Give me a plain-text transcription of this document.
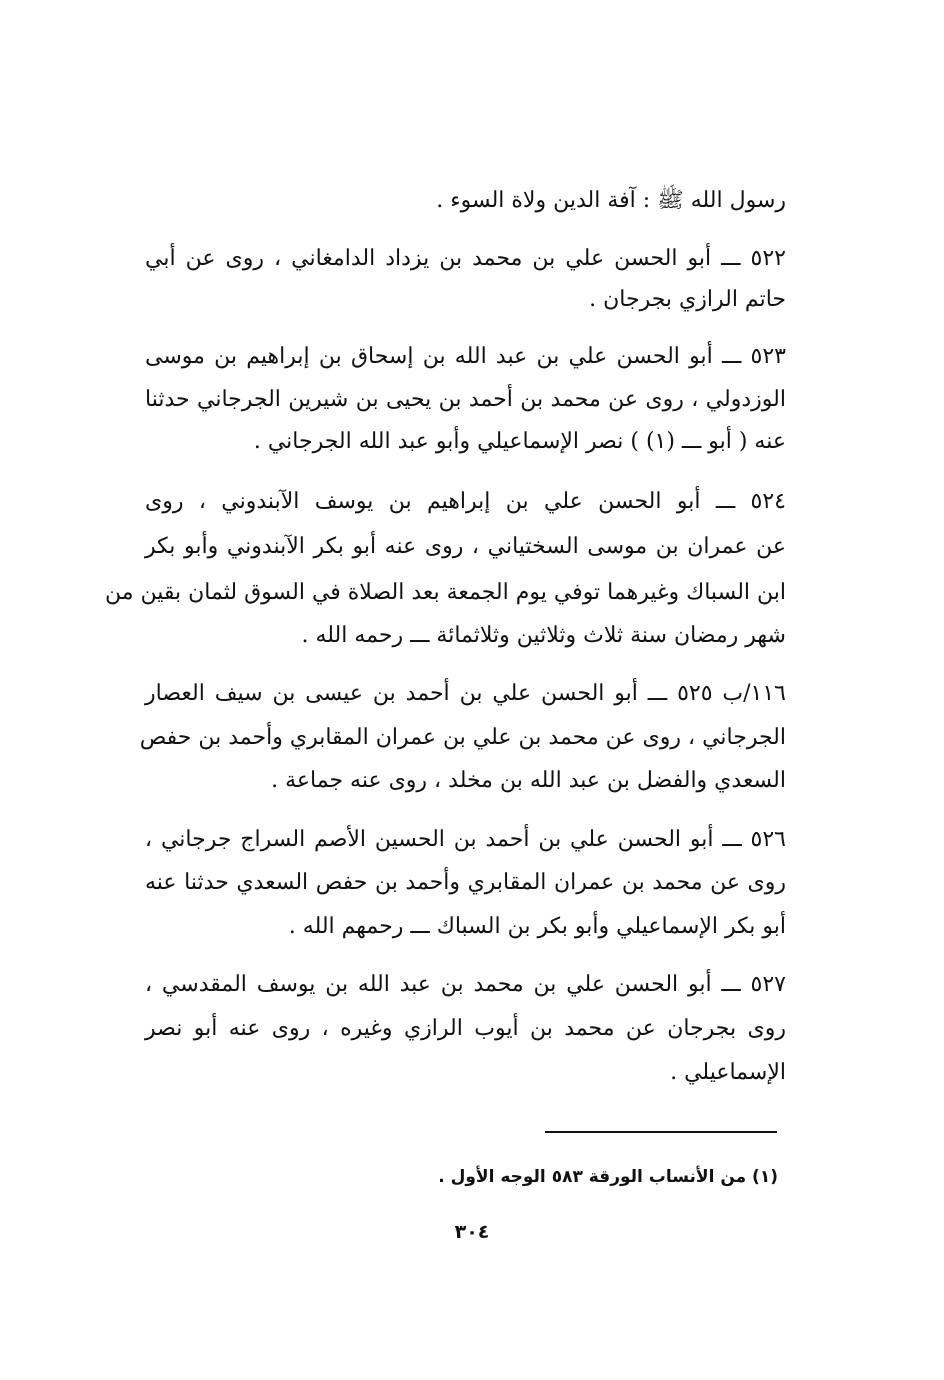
رسول الله ﷺ : آفة الدين ولاة السوء .
٥٢٢ ـــ أبو الحسن علي بن محمد بن يزداد الدامغاني ، روى عن أبي
حاتم الرازي بجرجان .
٥٢٣ ـــ أبو الحسن علي بن عبد الله بن إسحاق بن إبراهيم بن موسى
الوزدولي ، روى عن محمد بن أحمد بن يحيى بن شيرين الجرجاني حدثنا
عنه ( أبو ـــ (١) ) نصر الإسماعيلي وأبو عبد الله الجرجاني .
٥٢٤ ـــ أبو الحسن علي بن إبراهيم بن يوسف الآبندوني ، روى
عن عمران بن موسى السختياني ، روى عنه أبو بكر الآبندوني وأبو بكر
ابن السباك وغيرهما توفي يوم الجمعة بعد الصلاة في السوق لثمان بقين من
شهر رمضان سنة ثلاث وثلاثين وثلاثمائة ـــ رحمه الله .
١١٦/ب ٥٢٥ ـــ أبو الحسن علي بن أحمد بن عيسى بن سيف العصار
الجرجاني ، روى عن محمد بن علي بن عمران المقابري وأحمد بن حفص
السعدي والفضل بن عبد الله بن مخلد ، روى عنه جماعة .
٥٢٦ ـــ أبو الحسن علي بن أحمد بن الحسين الأصم السراج جرجاني ،
روى عن محمد بن عمران المقابري وأحمد بن حفص السعدي حدثنا عنه
أبو بكر الإسماعيلي وأبو بكر بن السباك ـــ رحمهم الله .
٥٢٧ ـــ أبو الحسن علي بن محمد بن عبد الله بن يوسف المقدسي ،
روى بجرجان عن محمد بن أيوب الرازي وغيره ، روى عنه أبو نصر
الإسماعيلي .
(١) من الأنساب الورقة ٥٨٣ الوجه الأول .
٣٠٤
